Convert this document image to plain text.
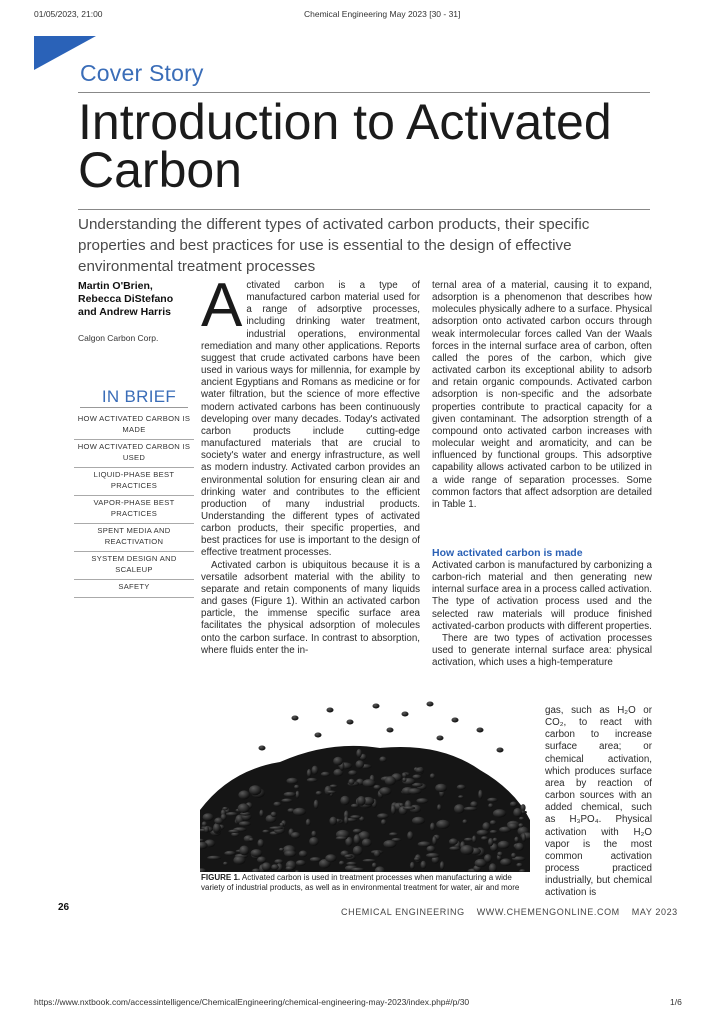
01/05/2023, 21:00	Chemical Engineering May 2023 [30 - 31]
Cover Story
Introduction to Activated Carbon
Understanding the different types of activated carbon products, their specific properties and best practices for use is essential to the design of effective environmental treatment processes
Martin O'Brien, Rebecca DiStefano and Andrew Harris
Calgon Carbon Corp.
IN BRIEF
HOW ACTIVATED CARBON IS MADE
HOW ACTIVATED CARBON IS USED
LIQUID-PHASE BEST PRACTICES
VAPOR-PHASE BEST PRACTICES
SPENT MEDIA AND REACTIVATION
SYSTEM DESIGN AND SCALEUP
SAFETY

Activated carbon is a type of manufactured carbon material used for a range of adsorptive processes, including drinking water treatment, industrial operations, environmental remediation and many other applications. Reports suggest that crude activated carbons have been used in various ways for millennia, for example by ancient Egyptians and Romans as medicine or for water filtration, but the science of more effective modern activated carbons has been continuously developing over many decades. Today's activated carbon products include cutting-edge manufactured materials that are crucial to society's water and energy infrastructure, as well as modern industry. Activated carbon provides an environmental solution for ensuring clean air and drinking water and contributes to the efficient production of many industrial products. Understanding the different types of activated carbon products, their specific properties, and best practices for use is important to the design of effective treatment processes.

Activated carbon is ubiquitous because it is a versatile adsorbent material with the ability to separate and retain components of many liquids and gases (Figure 1). Within an activated carbon particle, the immense specific surface area facilitates the physical adsorption of molecules onto the carbon surface. In contrast to absorption, where fluids enter the in-

ternal area of a material, causing it to expand, adsorption is a phenomenon that describes how molecules physically adhere to a surface. Physical adsorption onto activated carbon occurs through weak intermolecular forces called Van der Waals forces in the internal surface area of carbon, often called the pores of the carbon, which give activated carbon its exceptional ability to adsorb and retain organic compounds. Activated carbon adsorption is non-specific and the adsorbate properties contribute to practical capacity for a given contaminant. The adsorption strength of a compound onto activated carbon increases with molecular weight and aromaticity, and can be influenced by functional groups. This adsorptive capability allows activated carbon to be utilized in a wide range of separation processes. Some common factors that affect adsorption are detailed in Table 1.

How activated carbon is made

Activated carbon is manufactured by carbonizing a carbon-rich material and then generating new internal surface area in a process called activation. The type of activation process used and the selected raw materials will produce finished activated-carbon products with different properties.

There are two types of activation processes used to generate internal surface area: physical activation, which uses a high-temperature

gas, such as H₂O or CO₂, to react with carbon to increase surface area; or chemical activation, which produces surface area by reaction of carbon sources with an added chemical, such as H₃PO₄. Physical activation with H₂O vapor is the most common activation process practiced industrially, but chemical activation is

FIGURE 1. Activated carbon is used in treatment processes when manufacturing a wide variety of industrial products, as well as in environmental treatment for water, air and more
26	CHEMICAL ENGINEERING WWW.CHEMENGONLINE.COM MAY 2023
https://www.nxtbook.com/accessintelligence/ChemicalEngineering/chemical-engineering-may-2023/index.php#/p/30	1/6
